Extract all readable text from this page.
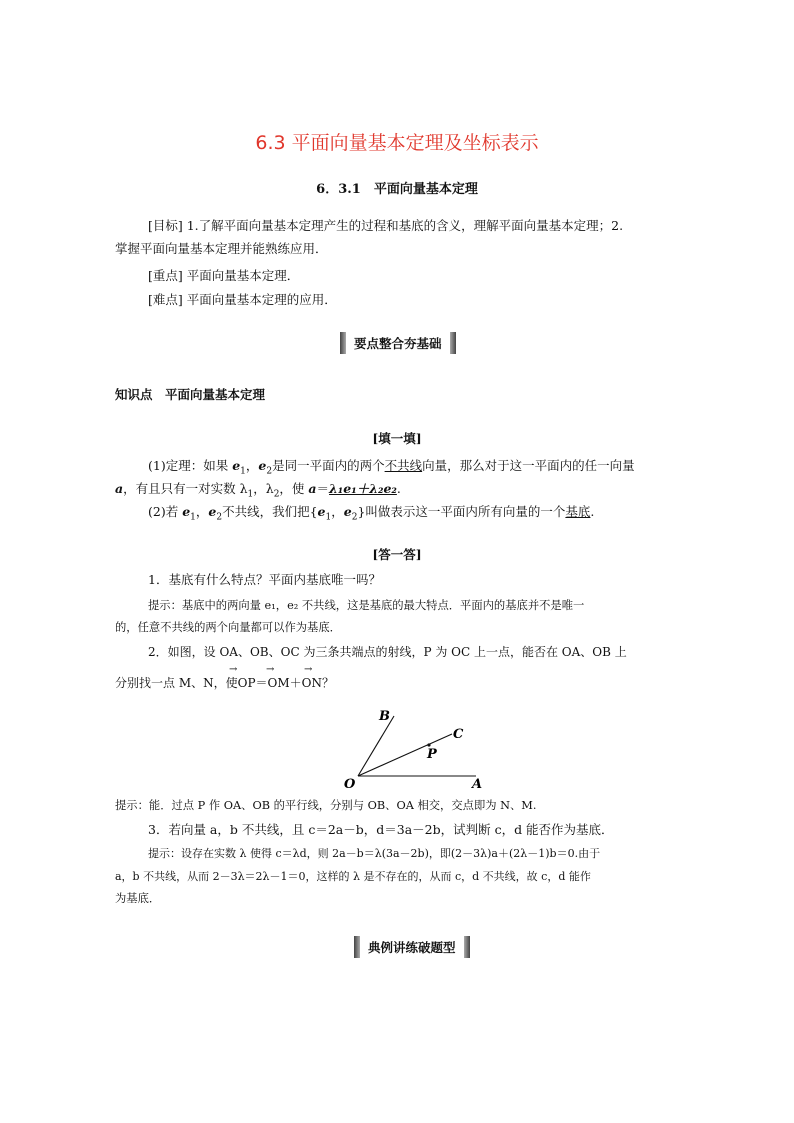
6.3 平面向量基本定理及坐标表示
6．3.1　平面向量基本定理
[目标] 1.了解平面向量基本定理产生的过程和基底的含义，理解平面向量基本定理；2.
掌握平面向量基本定理并能熟练应用．
[重点] 平面向量基本定理．
[难点] 平面向量基本定理的应用．
要点整合夯基础
知识点　平面向量基本定理
[填一填]
(1)定理：如果 $e_1$，$e_2$是同一平面内的两个不共线向量，那么对于这一平面内的任一向量
a，有且只有一对实数 $\lambda_1$，$\lambda_2$，使 a＝λ₁e₁＋λ₂e₂.
(2)若 $e_1$，$e_2$不共线，我们把{$e_1$，$e_2$}叫做表示这一平面内所有向量的一个基底.
[答一答]
1．基底有什么特点？平面内基底唯一吗？
提示：基底中的两向量 e₁，e₂ 不共线，这是基底的最大特点．平面内的基底并不是唯一
的，任意不共线的两个向量都可以作为基底．
2．如图，设 OA、OB、OC 为三条共端点的射线，P 为 OC 上一点，能否在 OA、OB 上
分别找一点 M、N，使OP＝OM＋ON？
→	→	→
B
C
P
O	A
提示：能．过点 P 作 OA、OB 的平行线，分别与 OB、OA 相交，交点即为 N、M.
3．若向量 a，b 不共线，且 c＝2a－b，d＝3a－2b，试判断 c，d 能否作为基底．
提示：设存在实数 λ 使得 c＝λd，则 2a－b＝λ(3a－2b)，即(2－3λ)a＋(2λ－1)b＝0.由于
a，b 不共线，从而 2－3λ＝2λ－1＝0，这样的 λ 是不存在的，从而 c，d 不共线，故 c，d 能作
为基底．
典例讲练破题型
